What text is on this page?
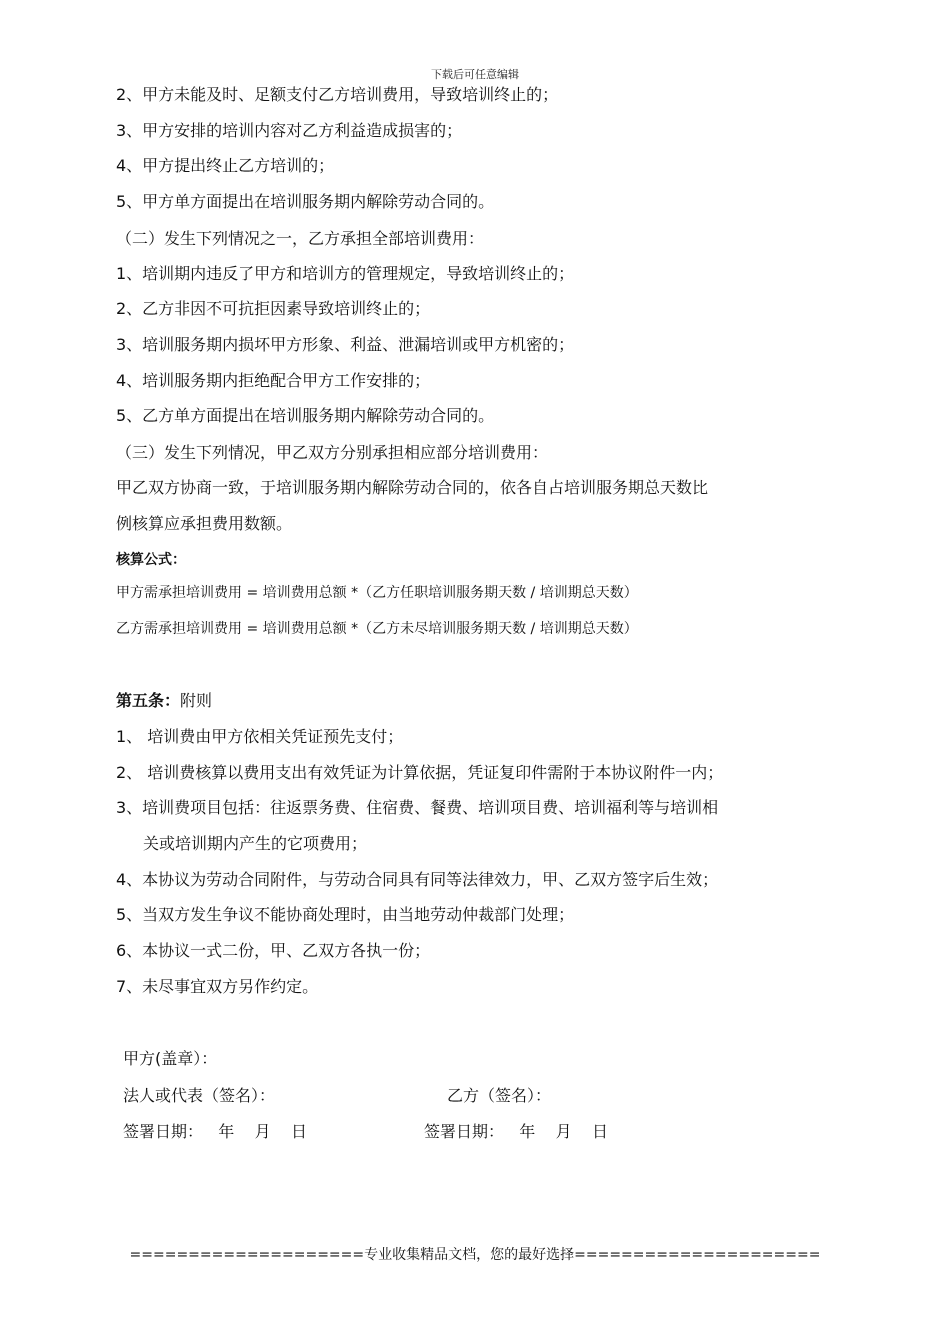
下载后可任意编辑
2、甲方未能及时、足额支付乙方培训费用，导致培训终止的；
3、甲方安排的培训内容对乙方利益造成损害的；
4、甲方提出终止乙方培训的；
5、甲方单方面提出在培训服务期内解除劳动合同的。
（二）发生下列情况之一，乙方承担全部培训费用：
1、培训期内违反了甲方和培训方的管理规定，导致培训终止的；
2、乙方非因不可抗拒因素导致培训终止的；
3、培训服务期内损坏甲方形象、利益、泄漏培训或甲方机密的；
4、培训服务期内拒绝配合甲方工作安排的；
5、乙方单方面提出在培训服务期内解除劳动合同的。
（三）发生下列情况，甲乙双方分别承担相应部分培训费用：
甲乙双方协商一致，于培训服务期内解除劳动合同的，依各自占培训服务期总天数比
例核算应承担费用数额。
核算公式：
甲方需承担培训费用 = 培训费用总额 *（乙方任职培训服务期天数 / 培训期总天数）
乙方需承担培训费用 = 培训费用总额 *（乙方未尽培训服务期天数 / 培训期总天数）
第五条：附则
1、 培训费由甲方依相关凭证预先支付；
2、 培训费核算以费用支出有效凭证为计算依据，凭证复印件需附于本协议附件一内；
3、培训费项目包括：往返票务费、住宿费、餐费、培训项目费、培训福利等与培训相
关或培训期内产生的它项费用；
4、本协议为劳动合同附件，与劳动合同具有同等法律效力，甲、乙双方签字后生效；
5、当双方发生争议不能协商处理时，由当地劳动仲裁部门处理；
6、本协议一式二份，甲、乙双方各执一份；
7、未尽事宜双方另作约定。
甲方(盖章）：
法人或代表（签名）：	乙方（签名）：
签署日期：   年    月    日	签署日期：   年    月    日
====================专业收集精品文档，您的最好选择=====================
